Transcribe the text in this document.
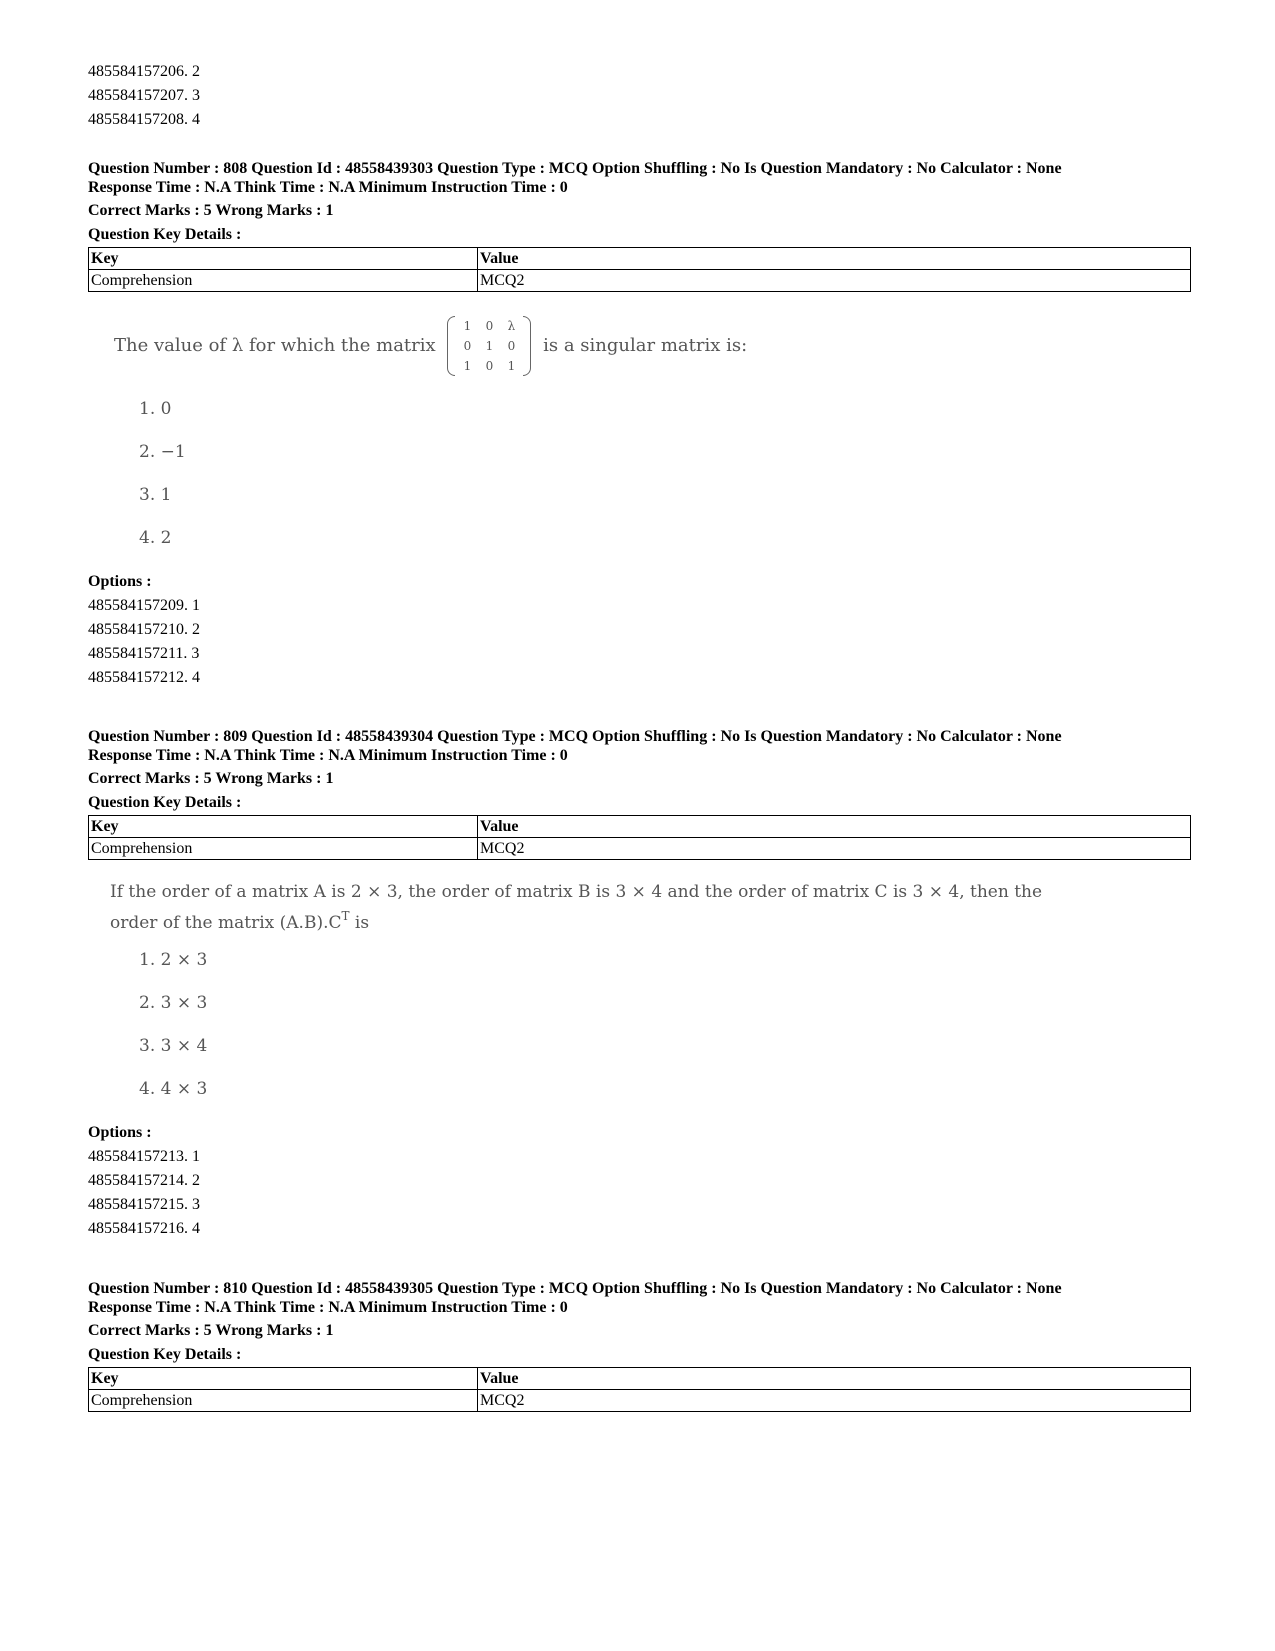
485584157206. 2
485584157207. 3
485584157208. 4
Question Number : 808 Question Id : 48558439303 Question Type : MCQ Option Shuffling : No Is Question Mandatory : No Calculator : None
Response Time : N.A Think Time : N.A Minimum Instruction Time : 0
Correct Marks : 5 Wrong Marks : 1
Question Key Details :
Key	Value
Comprehension	MCQ2
The value of λ for which the matrix
1 0 λ
0 1 0
1 0 1
is a singular matrix is:
1. 0
2. −1
3. 1
4. 2
Options :
485584157209. 1
485584157210. 2
485584157211. 3
485584157212. 4
Question Number : 809 Question Id : 48558439304 Question Type : MCQ Option Shuffling : No Is Question Mandatory : No Calculator : None
Response Time : N.A Think Time : N.A Minimum Instruction Time : 0
Correct Marks : 5 Wrong Marks : 1
Question Key Details :
Key	Value
Comprehension	MCQ2
If the order of a matrix A is 2 × 3, the order of matrix B is 3 × 4 and the order of matrix C is 3 × 4, then the
order of the matrix $(A.B).C^T$ is
1. 2 × 3
2. 3 × 3
3. 3 × 4
4. 4 × 3
Options :
485584157213. 1
485584157214. 2
485584157215. 3
485584157216. 4
Question Number : 810 Question Id : 48558439305 Question Type : MCQ Option Shuffling : No Is Question Mandatory : No Calculator : None
Response Time : N.A Think Time : N.A Minimum Instruction Time : 0
Correct Marks : 5 Wrong Marks : 1
Question Key Details :
Key	Value
Comprehension	MCQ2
